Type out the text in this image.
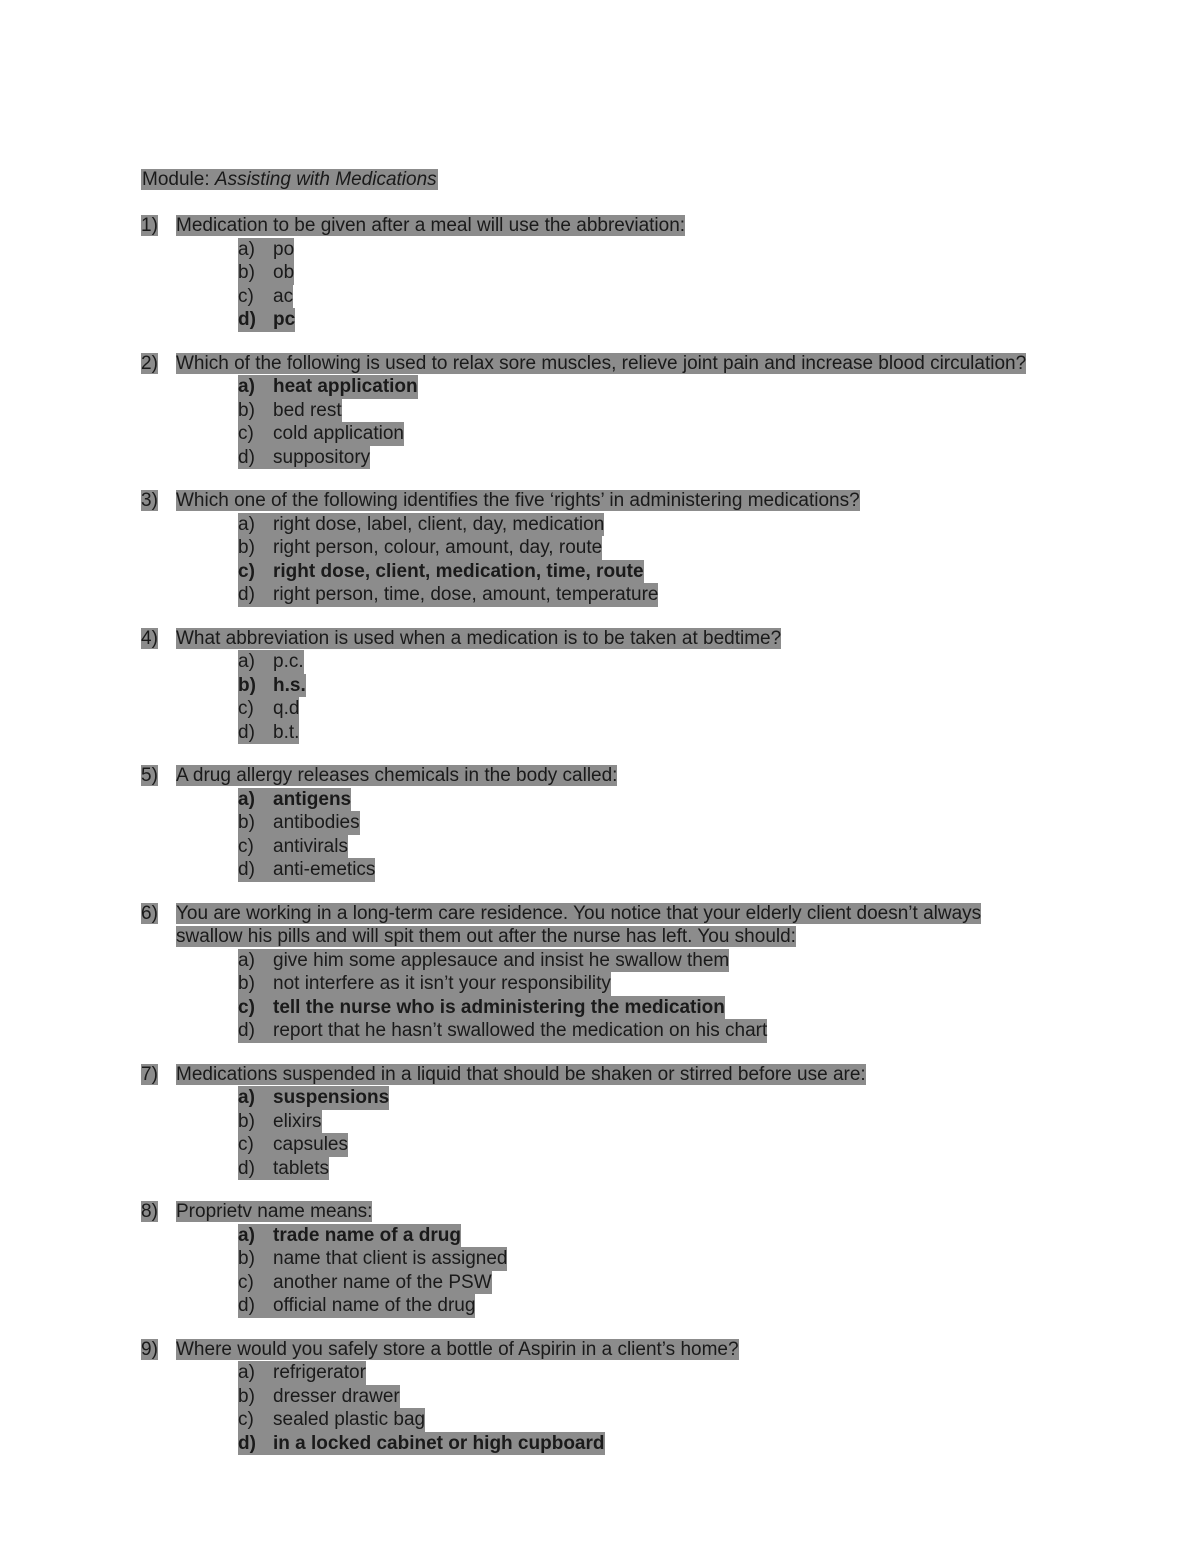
Module: Assisting with Medications
1) Medication to be given after a meal will use the abbreviation:
a) po
b) ob
c)	ac
d) pc
2) Which of the following is used to relax sore muscles, relieve joint pain and increase blood circulation?
a) heat application
b) bed rest
c)	cold application
d) suppository
3) Which one of the following identifies the five ‘rights’ in administering medications?
a) right dose, label, client, day, medication
b) right person, colour, amount, day, route
c) right dose, client, medication, time, route
d) right person, time, dose, amount, temperature
4) What abbreviation is used when a medication is to be taken at bedtime?
a) p.c.
b) h.s.
c)	q.d
d) b.t.
5) A drug allergy releases chemicals in the body called:
a) antigens
b) antibodies
c)	antivirals
d) anti-emetics
6) You are working in a long-term care residence. You notice that your elderly client doesn’t always swallow his pills and will spit them out after the nurse has left. You should:
a) give him some applesauce and insist he swallow them
b) not interfere as it isn’t your responsibility
c) tell the nurse who is administering the medication
d) report that he hasn’t swallowed the medication on his chart
7) Medications suspended in a liquid that should be shaken or stirred before use are:
a) suspensions
b) elixirs
c)	capsules
d) tablets
8) Proprietv name means:
a) trade name of a drug
b) name that client is assigned
c)	another name of the PSW
d) official name of the drug
9) Where would you safely store a bottle of Aspirin in a client’s home?
a) refrigerator
b) dresser drawer
c)	sealed plastic bag
d) in a locked cabinet or high cupboard
